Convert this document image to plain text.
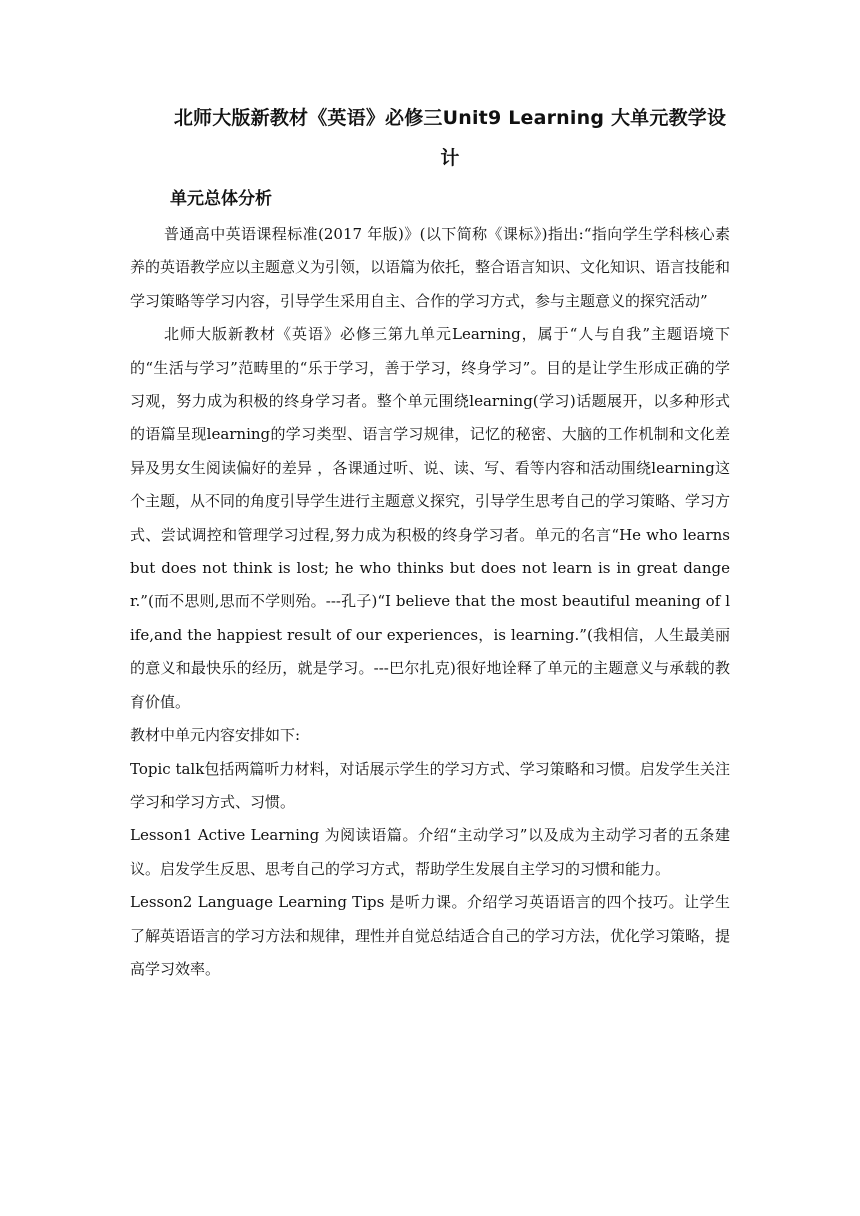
北师大版新教材《英语》必修三Unit9 Learning 大单元教学设计
单元总体分析

普通高中英语课程标准(2017 年版)》(以下简称《课标》)指出:“指向学生学科核心素养的英语教学应以主题意义为引领，以语篇为依托，整合语言知识、文化知识、语言技能和学习策略等学习内容，引导学生采用自主、合作的学习方式，参与主题意义的探究活动”

北师大版新教材《英语》必修三第九单元Learning，属于“人与自我”主题语境下的“生活与学习”范畴里的“乐于学习，善于学习，终身学习”。目的是让学生形成正确的学习观，努力成为积极的终身学习者。整个单元围绕learning(学习)话题展开，以多种形式的语篇呈现learning的学习类型、语言学习规律，记忆的秘密、大脑的工作机制和文化差异及男女生阅读偏好的差异 ，各课通过听、说、读、写、看等内容和活动围绕learning这个主题，从不同的角度引导学生进行主题意义探究，引导学生思考自己的学习策略、学习方式、尝试调控和管理学习过程,努力成为积极的终身学习者。单元的名言“He who learns but does not think is lost; he who thinks but does not learn is in great danger.”(而不思则,思而不学则殆。---孔子)“I believe that the most beautiful meaning of life,and the happiest result of our experiences，is learning.”(我相信，人生最美丽的意义和最快乐的经历，就是学习。---巴尔扎克)很好地诠释了单元的主题意义与承载的教育价值。

教材中单元内容安排如下:

Topic talk包括两篇听力材料，对话展示学生的学习方式、学习策略和习惯。启发学生关注学习和学习方式、习惯。

Lesson1 Active Learning 为阅读语篇。介绍“主动学习”以及成为主动学习者的五条建议。启发学生反思、思考自己的学习方式，帮助学生发展自主学习的习惯和能力。

Lesson2 Language Learning Tips 是听力课。介绍学习英语语言的四个技巧。让学生了解英语语言的学习方法和规律，理性并自觉总结适合自己的学习方法，优化学习策略，提高学习效率。
